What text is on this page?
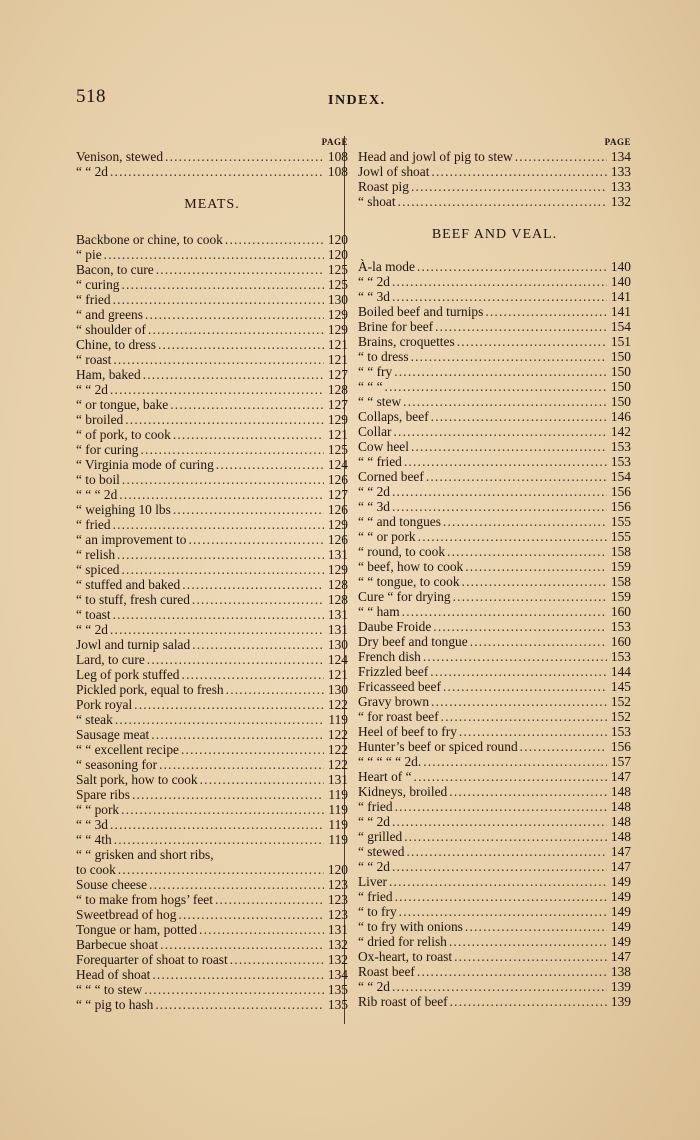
518	INDEX.
PAGE
Venison, stewed .....	108
“ “ 2d .....	108
MEATS.
Backbone or chine, to cook .....	120
“ pie .....	120
Bacon, to cure .....	125
“ curing .....	125
“ fried .....	130
“ and greens .....	129
“ shoulder of .....	129
Chine, to dress .....	121
“ roast .....	121
Ham, baked .....	127
“ “ 2d .....	128
“ or tongue, bake .....	127
“ broiled .....	129
“ of pork, to cook .....	121
“ for curing .....	125
“ Virginia mode of curing .....	124
“ to boil .....	126
“ “ “ 2d .....	127
“ weighing 10 lbs .....	126
“ fried .....	129
“ an improvement to .....	126
“ relish .....	131
“ spiced .....	129
“ stuffed and baked .....	128
“ to stuff, fresh cured .....	128
“ toast .....	131
“ “ 2d .....	131
Jowl and turnip salad .....	130
Lard, to cure .....	124
Leg of pork stuffed .....	121
Pickled pork, equal to fresh .....	130
Pork royal .....	122
“ steak .....	119
Sausage meat .....	122
“ “ excellent recipe .....	122
“ seasoning for .....	122
Salt pork, how to cook .....	131
Spare ribs .....	119
“ “ pork .....	119
“ “ 3d .....	119
“ “ 4th .....	119
“ “ grisken and short ribs,
to cook .....	120
Souse cheese .....	123
“ to make from hogs’ feet .....	123
Sweetbread of hog .....	123
Tongue or ham, potted .....	131
Barbecue shoat .....	132
Forequarter of shoat to roast .....	132
Head of shoat .....	134
“ “ “ to stew .....	135
“ “ pig to hash .....	135
PAGE
Head and jowl of pig to stew .....	134
Jowl of shoat .....	133
Roast pig .....	133
“ shoat .....	132
BEEF AND VEAL.
À-la mode .....	140
“ “ 2d .....	140
“ “ 3d .....	141
Boiled beef and turnips .....	141
Brine for beef .....	154
Brains, croquettes .....	151
“ to dress .....	150
“ “ fry .....	150
“ “ “ .....	150
“ “ stew .....	150
Collaps, beef .....	146
Collar .....	142
Cow heel .....	153
“ “ fried .....	153
Corned beef .....	154
“ “ 2d .....	156
“ “ 3d .....	156
“ “ and tongues .....	155
“ “ or pork .....	155
“ round, to cook .....	158
“ beef, how to cook .....	159
“ “ tongue, to cook .....	158
Cure “ for drying .....	159
“ “ ham .....	160
Daube Froide .....	153
Dry beef and tongue .....	160
French dish .....	153
Frizzled beef .....	144
Fricasseed beef .....	145
Gravy brown .....	152
“ for roast beef .....	152
Heel of beef to fry .....	153
Hunter’s beef or spiced round .....	156
“ “ “ “ “ 2d. .....	157
Heart of “ .....	147
Kidneys, broiled .....	148
“ fried .....	148
“ “ 2d .....	148
“ grilled .....	148
“ stewed .....	147
“ “ 2d .....	147
Liver .....	149
“ fried .....	149
“ to fry .....	149
“ to fry with onions .....	149
“ dried for relish .....	149
Ox-heart, to roast .....	147
Roast beef .....	138
“ “ 2d .....	139
Rib roast of beef .....	139
